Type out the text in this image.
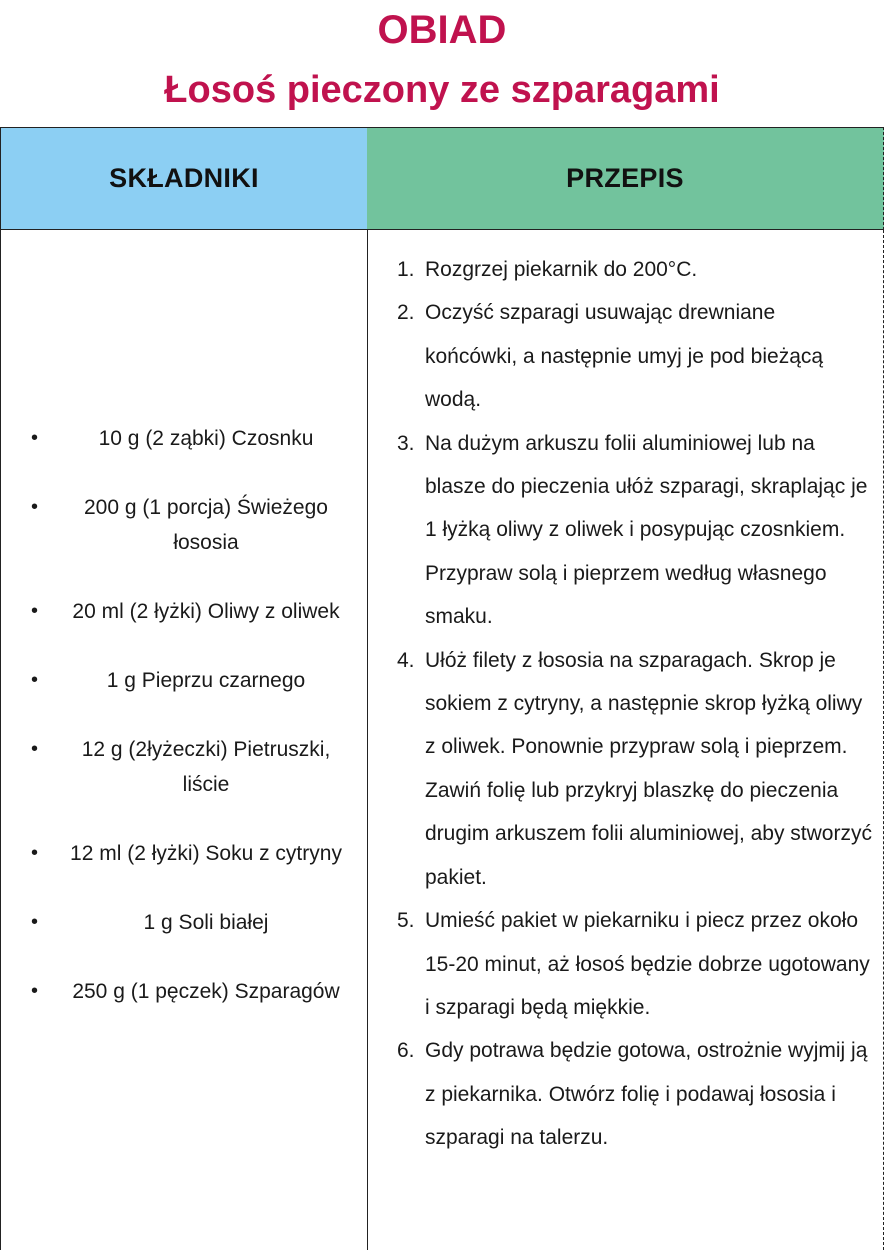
OBIAD
Łosoś pieczony ze szparagami
SKŁADNIKI	PRZEPIS
•	10 g (2 ząbki) Czosnku
• 200 g (1 porcja) Świeżego łososia
• 20 ml (2 łyżki) Oliwy z oliwek
•	1 g Pieprzu czarnego
• 12 g (2łyżeczki) Pietruszki, liście
• 12 ml (2 łyżki) Soku z cytryny
•	1 g Soli białej
• 250 g (1 pęczek) Szparagów
1. Rozgrzej piekarnik do 200°C.
2. Oczyść szparagi usuwając drewniane końcówki, a następnie umyj je pod bieżącą wodą.
3. Na dużym arkuszu folii aluminiowej lub na blasze do pieczenia ułóż szparagi, skraplając je 1 łyżką oliwy z oliwek i posypując czosnkiem. Przypraw solą i pieprzem według własnego smaku.
4. Ułóż filety z łososia na szparagach. Skrop je sokiem z cytryny, a następnie skrop łyżką oliwy z oliwek. Ponownie przypraw solą i pieprzem. Zawiń folię lub przykryj blaszkę do pieczenia drugim arkuszem folii aluminiowej, aby stworzyć pakiet.
5. Umieść pakiet w piekarniku i piecz przez około 15-20 minut, aż łosoś będzie dobrze ugotowany i szparagi będą miękkie.
6. Gdy potrawa będzie gotowa, ostrożnie wyjmij ją z piekarnika. Otwórz folię i podawaj łososia i szparagi na talerzu.
